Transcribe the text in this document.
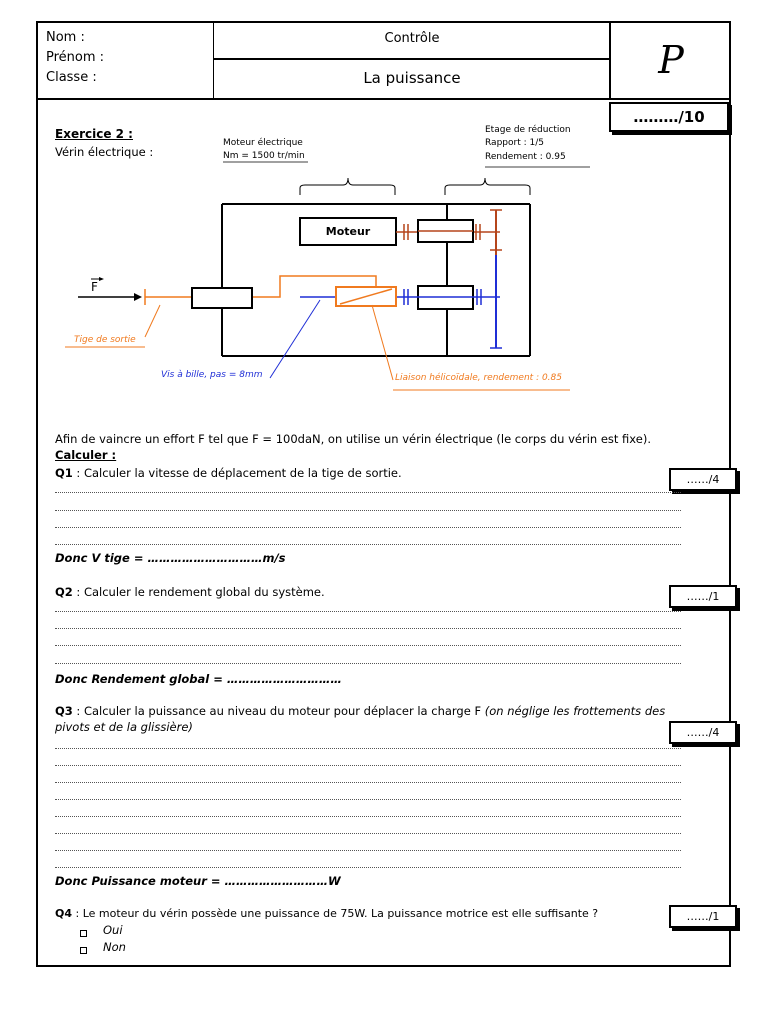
Nom :
Prénom :
Classe :
Contrôle
La puissance	P
………/10
Exercice 2 :
Vérin électrique :
Moteur électrique
Nm = 1500 tr/min
Etage de réduction
Rapport : 1/5
Rendement : 0.95
Moteur
F
Tige de sortie
Vis à bille, pas = 8mm	Liaison hélicoïdale, rendement : 0.85
Afin de vaincre un effort F tel que F = 100daN, on utilise un vérin électrique (le corps du vérin est fixe).
Calculer :
Q1 : Calculer la vitesse de déplacement de la tige de sortie.	……/4
Donc V tige = …………………………m/s
Q2 : Calculer le rendement global du système.	……/1
Donc Rendement global = …………………………
Q3 : Calculer la puissance au niveau du moteur pour déplacer la charge F (on néglige les frottements des
pivots et de la glissière)	……/4
Donc Puissance moteur = ………………………W
Q4 : Le moteur du vérin possède une puissance de 75W. La puissance motrice est elle suffisante ?	……/1
Oui
Non
